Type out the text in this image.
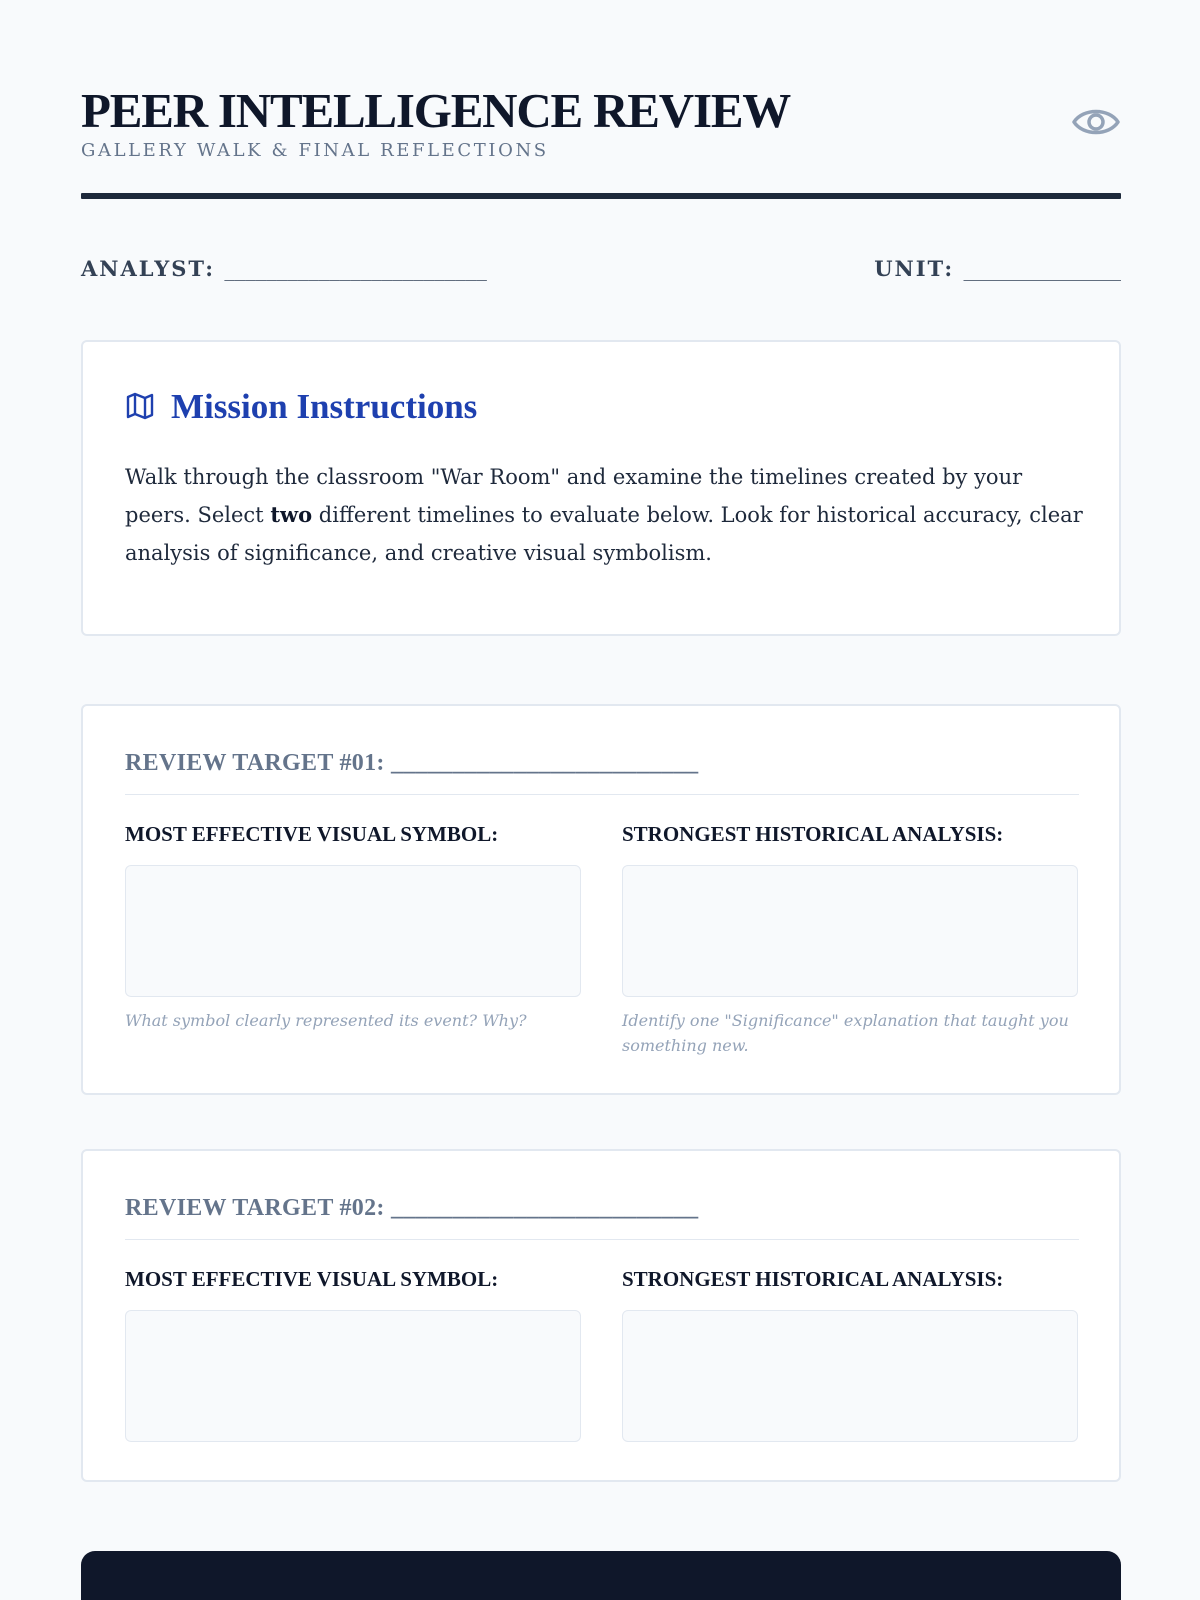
PEER INTELLIGENCE REVIEW
GALLERY WALK & FINAL REFLECTIONS
ANALYST: _________________________	UNIT: _______________
Mission Instructions

Walk through the classroom "War Room" and examine the timelines created by your peers. Select two different timelines to evaluate below. Look for historical accuracy, clear analysis of significance, and creative visual symbolism.

REVIEW TARGET #01: _________________________
MOST EFFECTIVE VISUAL SYMBOL:
What symbol clearly represented its event? Why?
STRONGEST HISTORICAL ANALYSIS:
Identify one "Significance" explanation that taught you something new.
REVIEW TARGET #02: _________________________
MOST EFFECTIVE VISUAL SYMBOL:	STRONGEST HISTORICAL ANALYSIS:
